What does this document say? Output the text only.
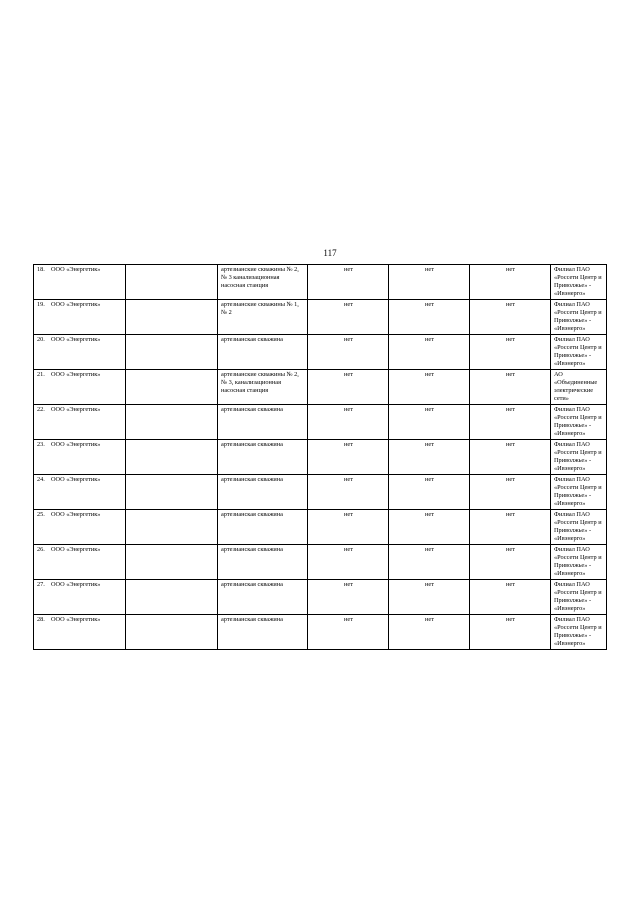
117
18. ООО «Энергетик»		артезианские скважины № 2, № 3 канализационная насосная станция	нет	нет	нет	Филиал ПАО «Россети Центр и Приволжье» - «Ивэнерго»
19. ООО «Энергетик»		артезианские скважины № 1, № 2	нет	нет	нет	Филиал ПАО «Россети Центр и Приволжье» - «Ивэнерго»
20. ООО «Энергетик»		артезианская скважина	нет	нет	нет	Филиал ПАО «Россети Центр и Приволжье» - «Ивэнерго»
21. ООО «Энергетик»		артезианские скважины № 2, № 3, канализационная насосная станция	нет	нет	нет	АО «Объединенные электрические сети»
22. ООО «Энергетик»		артезианская скважина	нет	нет	нет	Филиал ПАО «Россети Центр и Приволжье» - «Ивэнерго»
23. ООО «Энергетик»		артезианская скважина	нет	нет	нет	Филиал ПАО «Россети Центр и Приволжье» - «Ивэнерго»
24. ООО «Энергетик»		артезианская скважина	нет	нет	нет	Филиал ПАО «Россети Центр и Приволжье» - «Ивэнерго»
25. ООО «Энергетик»		артезианская скважина	нет	нет	нет	Филиал ПАО «Россети Центр и Приволжье» - «Ивэнерго»
26. ООО «Энергетик»		артезианская скважина	нет	нет	нет	Филиал ПАО «Россети Центр и Приволжье» - «Ивэнерго»
27. ООО «Энергетик»		артезианская скважина	нет	нет	нет	Филиал ПАО «Россети Центр и Приволжье» - «Ивэнерго»
28. ООО «Энергетик»		артезианская скважина	нет	нет	нет	Филиал ПАО «Россети Центр и Приволжье» - «Ивэнерго»
